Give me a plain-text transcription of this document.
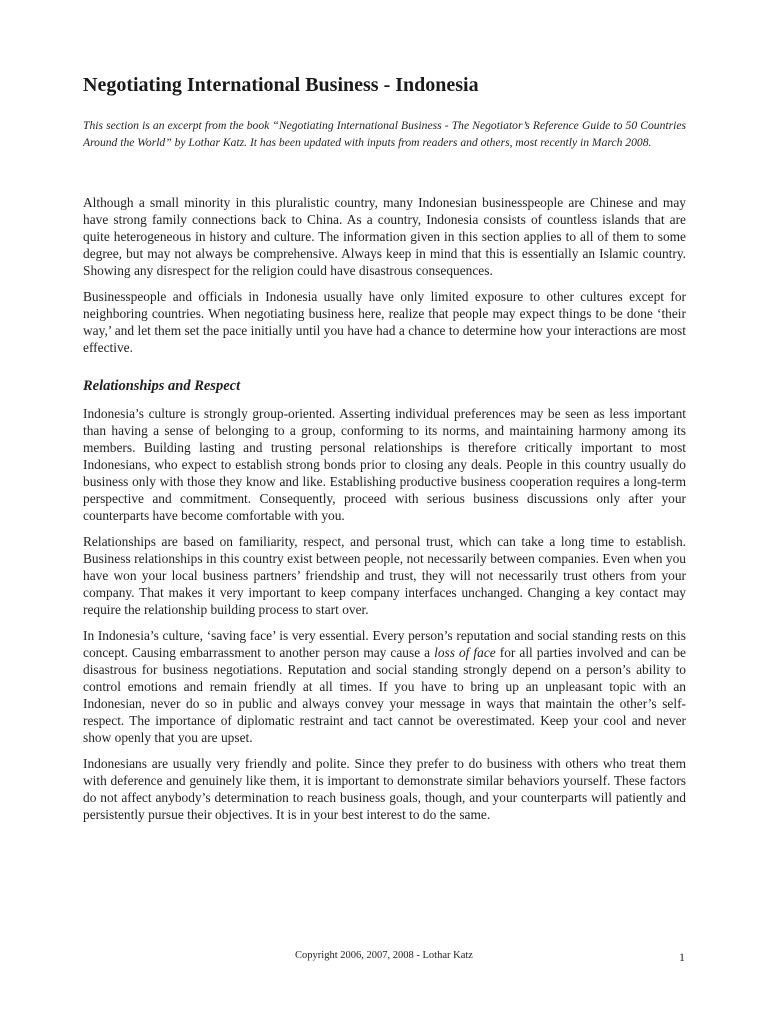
Negotiating International Business - Indonesia

This section is an excerpt from the book “Negotiating International Business - The Negotiator’s Reference Guide to 50 Countries Around the World” by Lothar Katz. It has been updated with inputs from readers and others, most recently in March 2008.

Although a small minority in this pluralistic country, many Indonesian businesspeople are Chinese and may have strong family connections back to China. As a country, Indonesia consists of countless islands that are quite heterogeneous in history and culture. The information given in this section applies to all of them to some degree, but may not always be comprehensive. Always keep in mind that this is essentially an Islamic country. Showing any disrespect for the religion could have disastrous consequences.

Businesspeople and officials in Indonesia usually have only limited exposure to other cultures except for neighboring countries. When negotiating business here, realize that people may expect things to be done ‘their way,’ and let them set the pace initially until you have had a chance to determine how your interactions are most effective.

Relationships and Respect

Indonesia’s culture is strongly group-oriented. Asserting individual preferences may be seen as less important than having a sense of belonging to a group, conforming to its norms, and maintaining harmony among its members. Building lasting and trusting personal relationships is therefore critically important to most Indonesians, who expect to establish strong bonds prior to closing any deals. People in this country usually do business only with those they know and like. Establishing productive business cooperation requires a long-term perspective and commitment. Consequently, proceed with serious business discussions only after your counterparts have become comfortable with you.

Relationships are based on familiarity, respect, and personal trust, which can take a long time to establish. Business relationships in this country exist between people, not necessarily between companies. Even when you have won your local business partners’ friendship and trust, they will not necessarily trust others from your company. That makes it very important to keep company interfaces unchanged. Changing a key contact may require the relationship building process to start over.

In Indonesia’s culture, ‘saving face’ is very essential. Every person’s reputation and social standing rests on this concept. Causing embarrassment to another person may cause a loss of face for all parties involved and can be disastrous for business negotiations. Reputation and social standing strongly depend on a person’s ability to control emotions and remain friendly at all times. If you have to bring up an unpleasant topic with an Indonesian, never do so in public and always convey your message in ways that maintain the other’s self-respect. The importance of diplomatic restraint and tact cannot be overestimated. Keep your cool and never show openly that you are upset.

Indonesians are usually very friendly and polite. Since they prefer to do business with others who treat them with deference and genuinely like them, it is important to demonstrate similar behaviors yourself. These factors do not affect anybody’s determination to reach business goals, though, and your counterparts will patiently and persistently pursue their objectives. It is in your best interest to do the same.

Copyright 2006, 2007, 2008 - Lothar Katz	1
